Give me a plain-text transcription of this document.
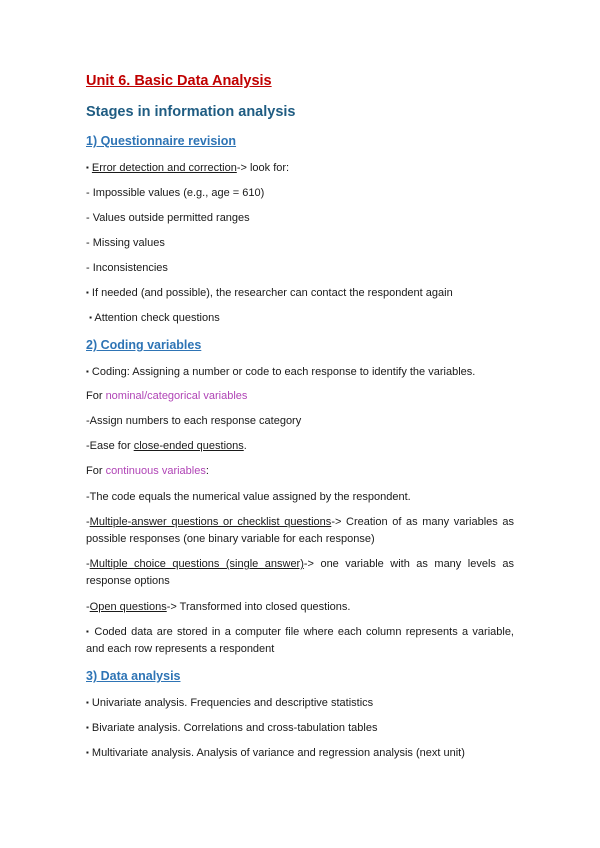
Unit 6. Basic Data Analysis
Stages in information analysis
1) Questionnaire revision
▪ Error detection and correction-> look for:
- Impossible values (e.g., age = 610)
- Values outside permitted ranges
- Missing values
- Inconsistencies
▪ If needed (and possible), the researcher can contact the respondent again
▪ Attention check questions
2) Coding variables
▪ Coding: Assigning a number or code to each response to identify the variables.
For nominal/categorical variables
-Assign numbers to each response category
-Ease for close-ended questions.
For continuous variables:
-The code equals the numerical value assigned by the respondent.
-Multiple-answer questions or checklist questions-> Creation of as many variables as possible responses (one binary variable for each response)
-Multiple choice questions (single answer)-> one variable with as many levels as response options
-Open questions-> Transformed into closed questions.
▪ Coded data are stored in a computer file where each column represents a variable, and each row represents a respondent
3) Data analysis
▪ Univariate analysis. Frequencies and descriptive statistics
▪ Bivariate analysis. Correlations and cross-tabulation tables
▪ Multivariate analysis. Analysis of variance and regression analysis (next unit)
